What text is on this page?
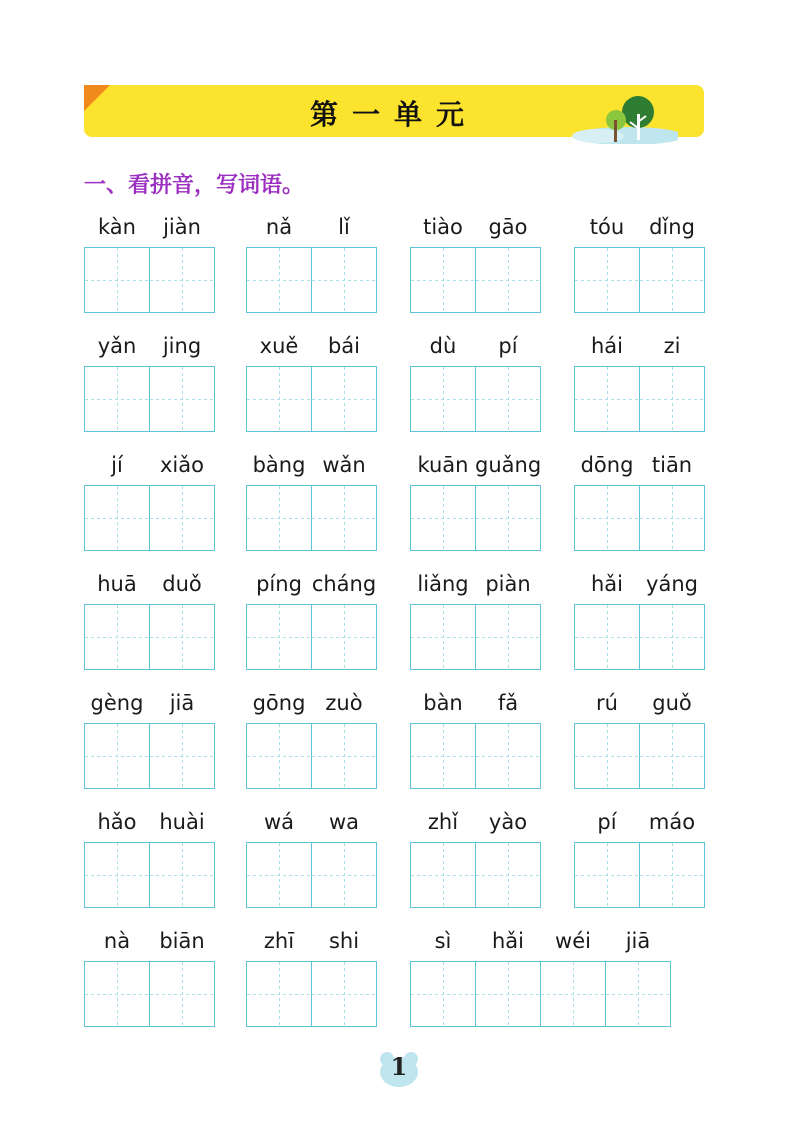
第一单元
一、看拼音，写词语。
kàn	jiàn	nǎ	lǐ	tiào	gāo	tóu	dǐng
yǎn	jing	xuě	bái	dù	pí	hái	zi
jí	xiǎo	bàng wǎn	kuān guǎng	dōng tiān
huā	duǒ	píng cháng	liǎng piàn	hǎi	yáng
gèng	jiā	gōng zuò	bàn	fǎ	rú	guǒ
hǎo	huài	wá	wa	zhǐ	yào	pí	máo
nà	biān	zhī	shi	sì	hǎi	wéi	jiā
1
